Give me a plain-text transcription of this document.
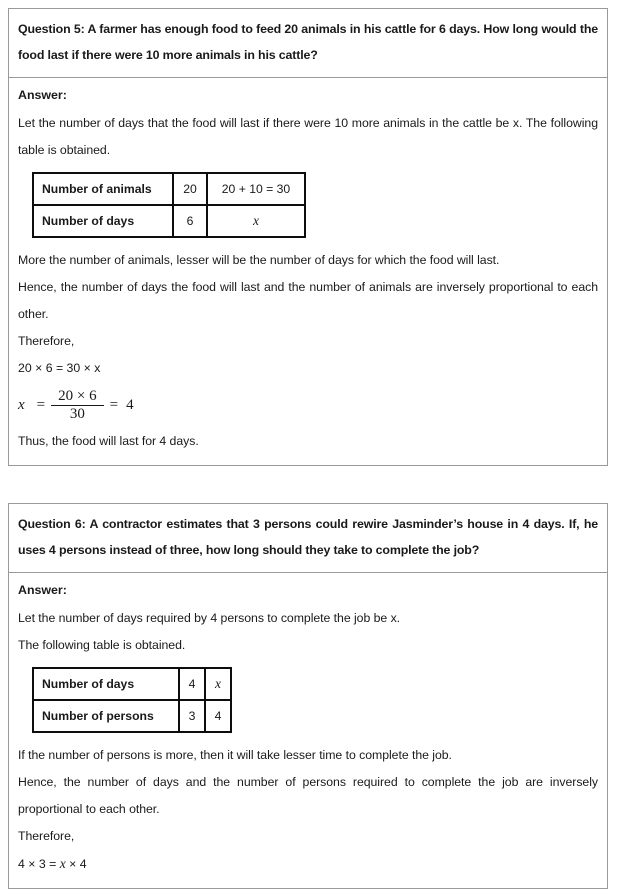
Question 5: A farmer has enough food to feed 20 animals in his cattle for 6 days. How long would the food last if there were 10 more animals in his cattle?

Answer:

Let the number of days that the food will last if there were 10 more animals in the cattle be x. The following table is obtained.

Number of animals	20	20 + 10 = 30
Number of days	6	x

More the number of animals, lesser will be the number of days for which the food will last.

Hence, the number of days the food will last and the number of animals are inversely proportional to each other.

Therefore,

20 × 6 = 30 × x

$x = \frac{20 \times 6}{30} = 4$

Thus, the food will last for 4 days.

Question 6: A contractor estimates that 3 persons could rewire Jasminder’s house in 4 days. If, he uses 4 persons instead of three, how long should they take to complete the job?

Answer:

Let the number of days required by 4 persons to complete the job be x.

The following table is obtained.

Number of days	4	x
Number of persons	3	4

If the number of persons is more, then it will take lesser time to complete the job.

Hence, the number of days and the number of persons required to complete the job are inversely proportional to each other.

Therefore,

4 × 3 = x × 4
